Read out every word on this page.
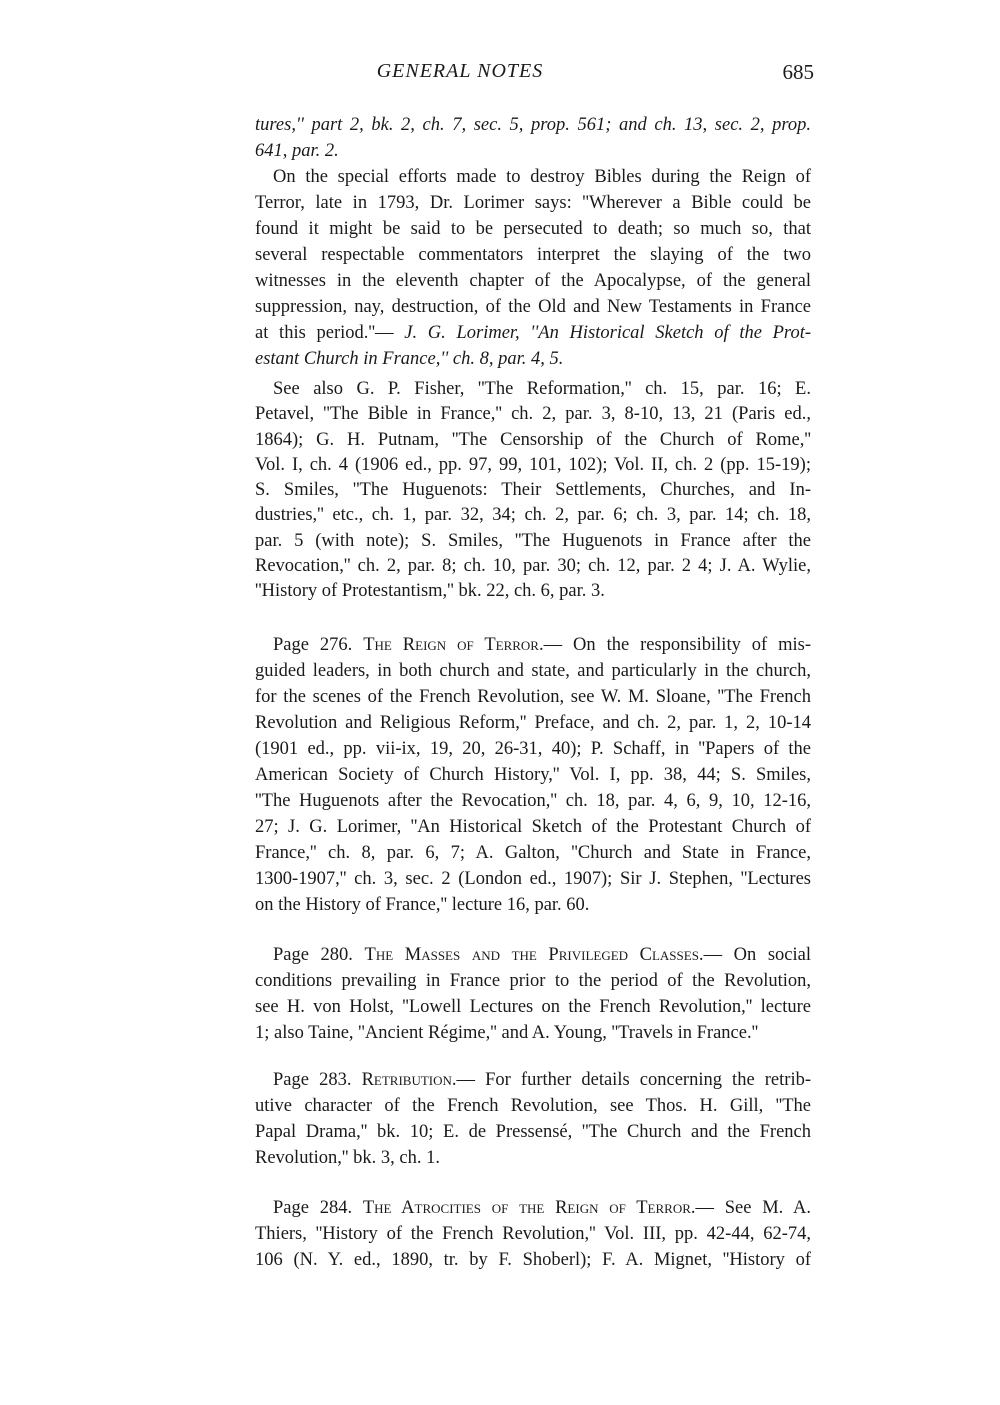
GENERAL NOTES	685
tures,'' part 2, bk. 2, ch. 7, sec. 5, prop. 561; and ch. 13, sec. 2, prop.
641, par. 2.
On the special efforts made to destroy Bibles during the Reign of
Terror, late in 1793, Dr. Lorimer says: ''Wherever a Bible could be
found it might be said to be persecuted to death; so much so, that
several respectable commentators interpret the slaying of the two
witnesses in the eleventh chapter of the Apocalypse, of the general
suppression, nay, destruction, of the Old and New Testaments in France
at this period.''— J. G. Lorimer, ''An Historical Sketch of the Prot-
estant Church in France,'' ch. 8, par. 4, 5.
See also G. P. Fisher, ''The Reformation,'' ch. 15, par. 16; E.
Petavel, ''The Bible in France,'' ch. 2, par. 3, 8-10, 13, 21 (Paris ed.,
1864); G. H. Putnam, ''The Censorship of the Church of Rome,''
Vol. I, ch. 4 (1906 ed., pp. 97, 99, 101, 102); Vol. II, ch. 2 (pp. 15-19);
S. Smiles, ''The Huguenots: Their Settlements, Churches, and In-
dustries,'' etc., ch. 1, par. 32, 34; ch. 2, par. 6; ch. 3, par. 14; ch. 18,
par. 5 (with note); S. Smiles, ''The Huguenots in France after the
Revocation,'' ch. 2, par. 8; ch. 10, par. 30; ch. 12, par. 2 4; J. A. Wylie,
''History of Protestantism,'' bk. 22, ch. 6, par. 3.
Page 276. The Reign of Terror.— On the responsibility of mis-
guided leaders, in both church and state, and particularly in the church,
for the scenes of the French Revolution, see W. M. Sloane, ''The French
Revolution and Religious Reform,'' Preface, and ch. 2, par. 1, 2, 10-14
(1901 ed., pp. vii-ix, 19, 20, 26-31, 40); P. Schaff, in ''Papers of the
American Society of Church History,'' Vol. I, pp. 38, 44; S. Smiles,
''The Huguenots after the Revocation,'' ch. 18, par. 4, 6, 9, 10, 12-16,
27; J. G. Lorimer, ''An Historical Sketch of the Protestant Church of
France,'' ch. 8, par. 6, 7; A. Galton, ''Church and State in France,
1300-1907,'' ch. 3, sec. 2 (London ed., 1907); Sir J. Stephen, ''Lectures
on the History of France,'' lecture 16, par. 60.
Page 280. The Masses and the Privileged Classes.— On social
conditions prevailing in France prior to the period of the Revolution,
see H. von Holst, ''Lowell Lectures on the French Revolution,'' lecture
1; also Taine, ''Ancient Régime,'' and A. Young, ''Travels in France.''
Page 283. Retribution.— For further details concerning the retrib-
utive character of the French Revolution, see Thos. H. Gill, ''The
Papal Drama,'' bk. 10; E. de Pressensé, ''The Church and the French
Revolution,'' bk. 3, ch. 1.
Page 284. The Atrocities of the Reign of Terror.— See M. A.
Thiers, ''History of the French Revolution,'' Vol. III, pp. 42-44, 62-74,
106 (N. Y. ed., 1890, tr. by F. Shoberl); F. A. Mignet, ''History of
